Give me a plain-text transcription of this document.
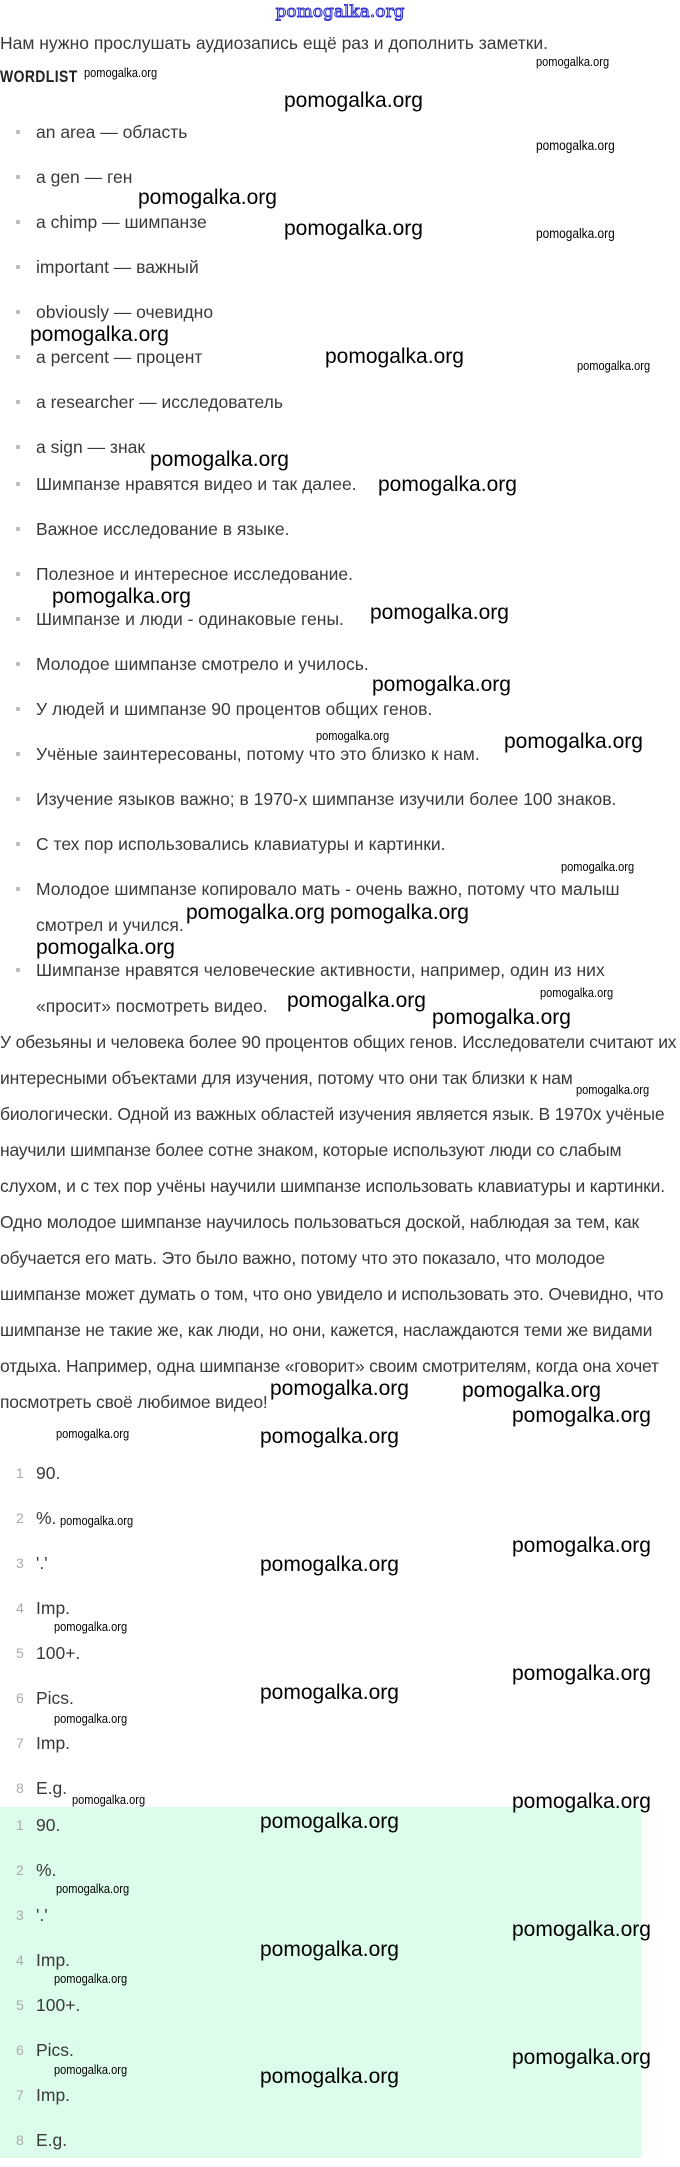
pomogalka.org
Нам нужно прослушать аудиозапись ещё раз и дополнить заметки.
WORDLIST
an area — область
a gen — ген
a chimp — шимпанзе
important — важный
obviously — очевидно
a percent — процент
a researcher — исследователь
a sign — знак
Шимпанзе нравятся видео и так далее.
Важное исследование в языке.
Полезное и интересное исследование.
Шимпанзе и люди - одинаковые гены.
Молодое шимпанзе смотрело и училось.
У людей и шимпанзе 90 процентов общих генов.
Учёные заинтересованы, потому что это близко к нам.
Изучение языков важно; в 1970-х шимпанзе изучили более 100 знаков.
С тех пор использовались клавиатуры и картинки.
Молодое шимпанзе копировало мать - очень важно, потому что малыш смотрел и учился.
Шимпанзе нравятся человеческие активности, например, один из них «просит» посмотреть видео.
У обезьяны и человека более 90 процентов общих генов. Исследователи считают их интересными объектами для изучения, потому что они так близки к нам биологически. Одной из важных областей изучения является язык. В 1970х учёные научили шимпанзе более сотне знаком, которые используют люди со слабым слухом, и с тех пор учёны научили шимпанзе использовать клавиатуры и картинки. Одно молодое шимпанзе научилось пользоваться доской, наблюдая за тем, как обучается его мать. Это было важно, потому что это показало, что молодое шимпанзе может думать о том, что оно увидело и использовать это. Очевидно, что шимпанзе не такие же, как люди, но они, кажется, наслаждаются теми же видами отдыха. Например, одна шимпанзе «говорит» своим смотрителям, когда она хочет посмотреть своё любимое видео!
1 90.
2 %.
3 '.'
4 Imp.
5 100+.
6 Pics.
7 Imp.
8 E.g.
1 90.
2 %.
3 '.'
4 Imp.
5 100+.
6 Pics.
7 Imp.
8 E.g.
pomogalka.org
pomogalka.org
pomogalka.org
pomogalka.org
pomogalka.org
pomogalka.org
pomogalka.org
pomogalka.org
pomogalka.org
pomogalka.org
pomogalka.org
pomogalka.org pomogalka.org
pomogalka.org
pomogalka.org
pomogalka.org
pomogalka.org
pomogalka.org
pomogalka.org
pomogalka.org
pomogalka.org
pomogalka.org
pomogalka.org
pomogalka.org
pomogalka.org
pomogalka.org
pomogalka.org
pomogalka.org
pomogalka.org
pomogalka.org
pomogalka.org
pomogalka.org
pomogalka.org
pomogalka.org
pomogalka.org
pomogalka.org
pomogalka.org
pomogalka.org
pomogalka.org
pomogalka.org
pomogalka.org
pomogalka.org
pomogalka.org
pomogalka.org
pomogalka.org
pomogalka.org
pomogalka.org
